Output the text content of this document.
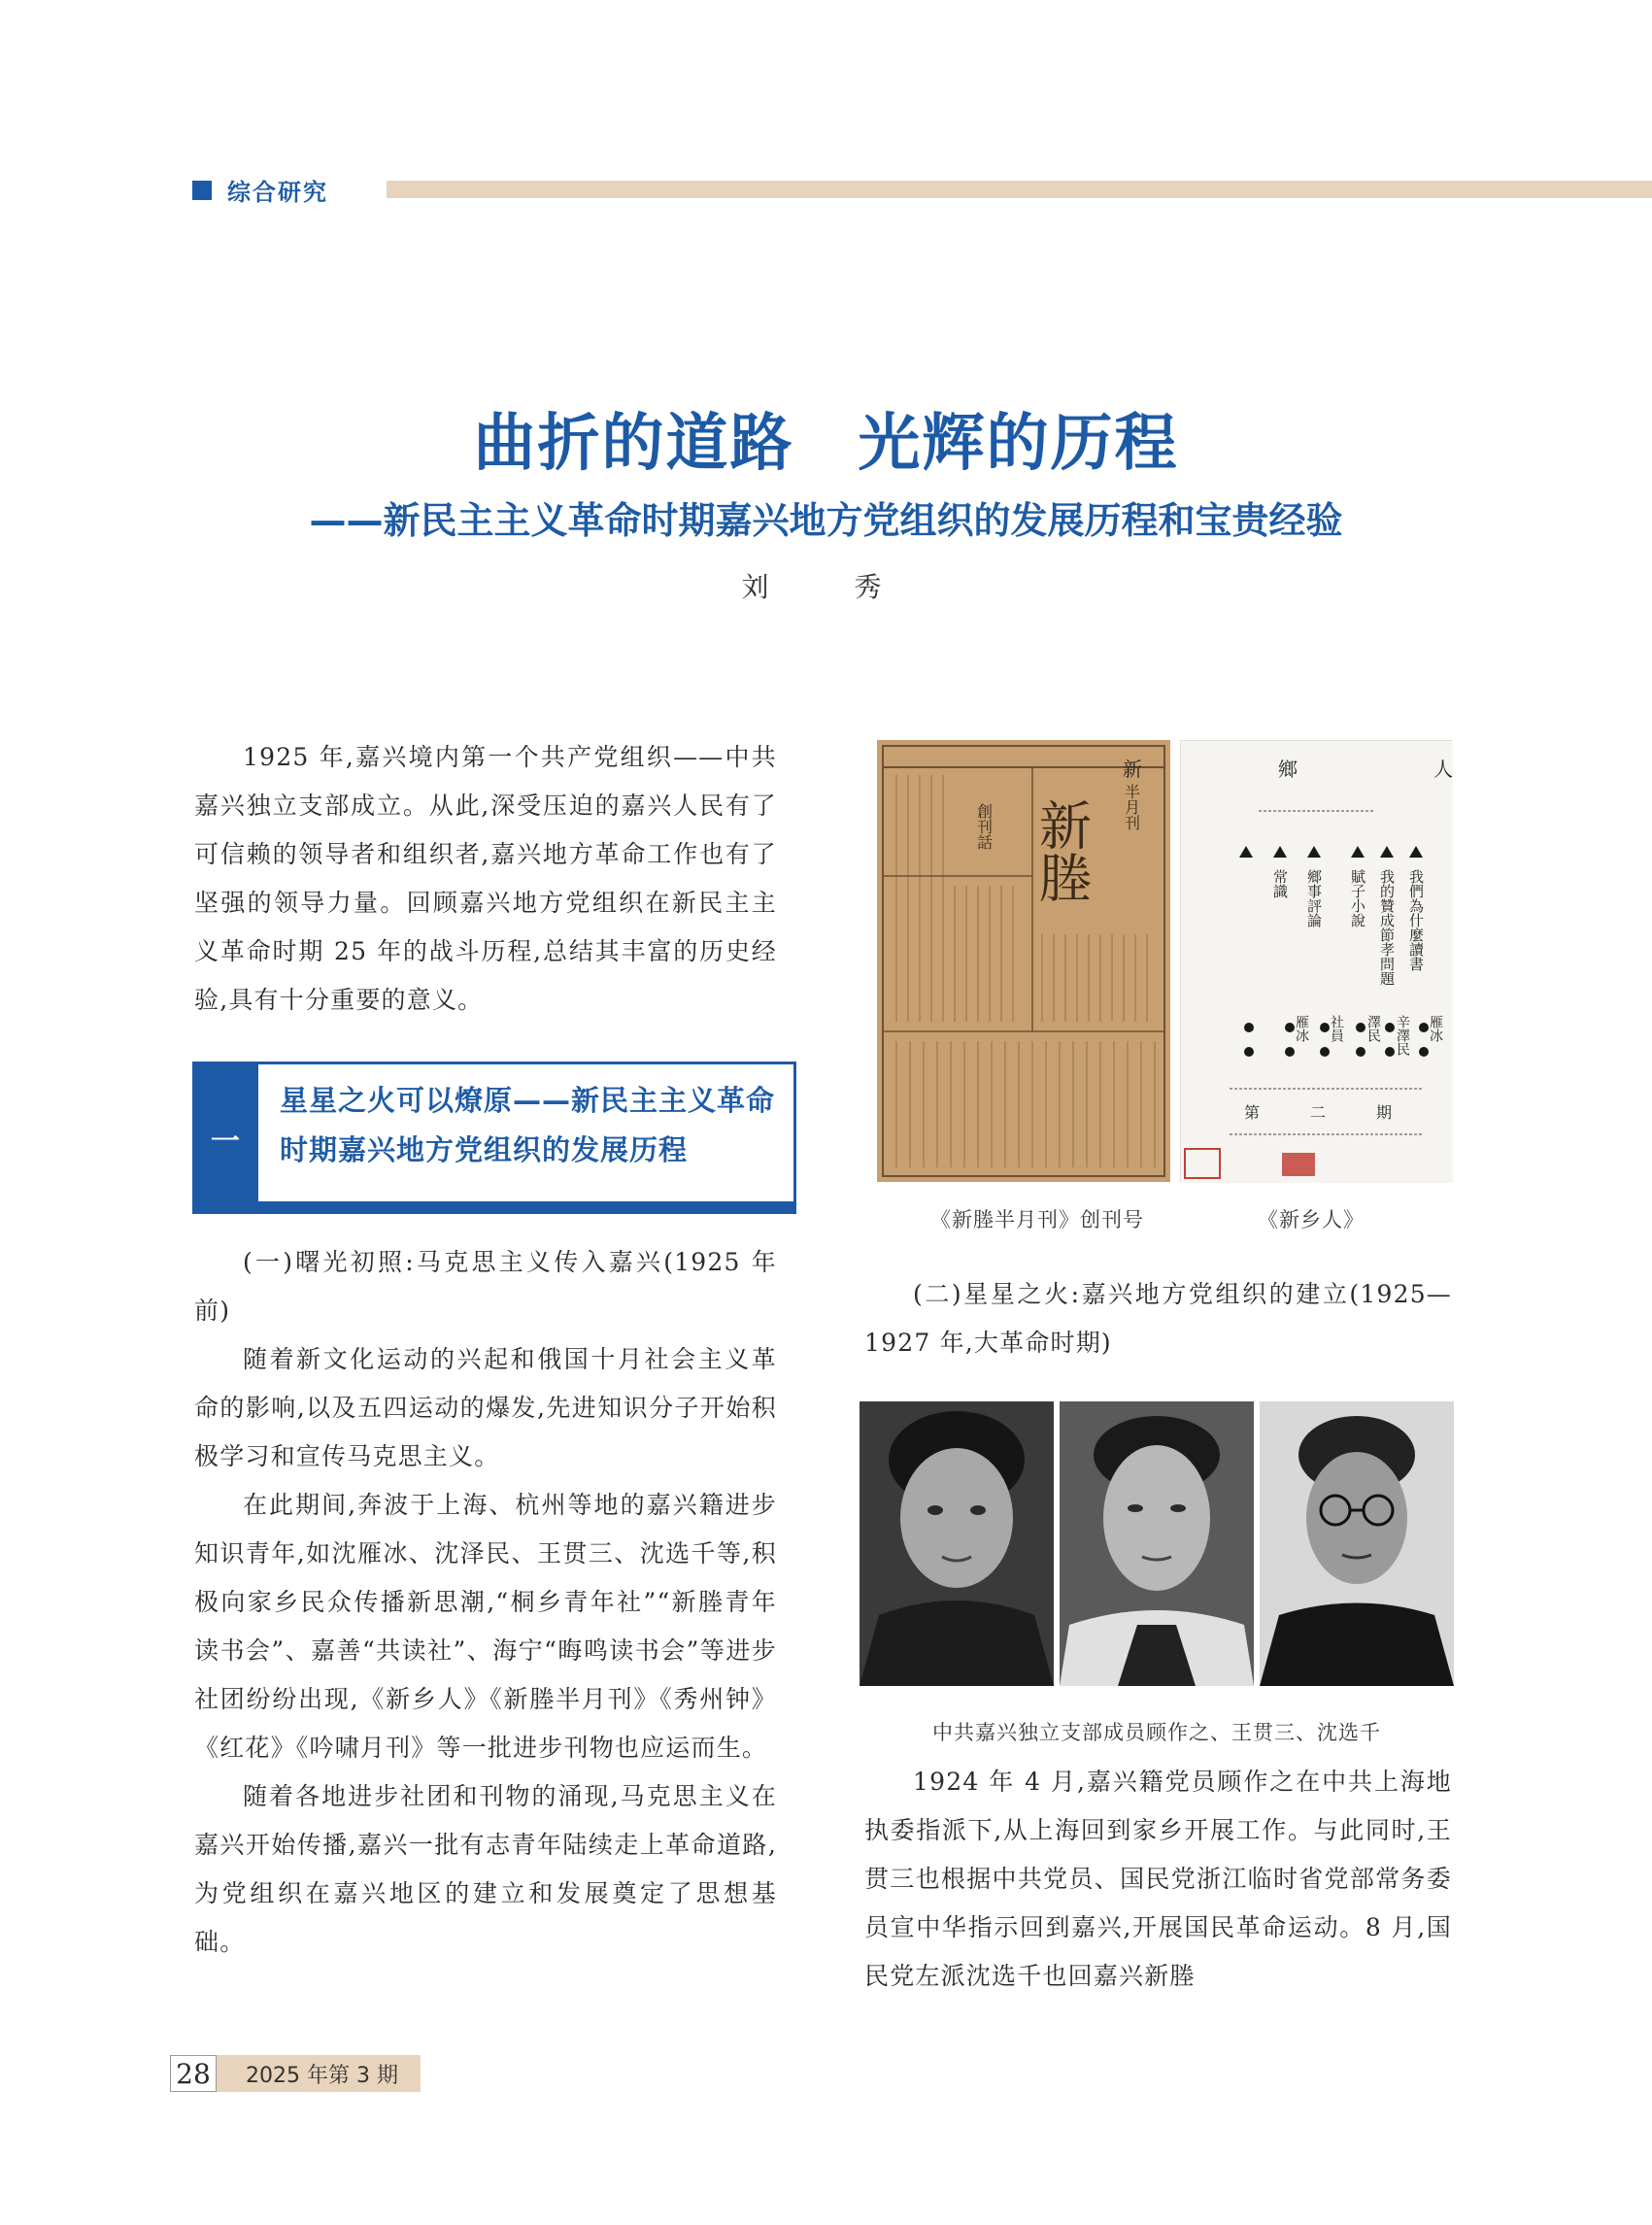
综合研究
曲折的道路　光辉的历程
——新民主主义革命时期嘉兴地方党组织的发展历程和宝贵经验
刘　秀

1925 年,嘉兴境内第一个共产党组织——中共嘉兴独立支部成立。从此,深受压迫的嘉兴人民有了可信赖的领导者和组织者,嘉兴地方革命工作也有了坚强的领导力量。回顾嘉兴地方党组织在新民主主义革命时期 25 年的战斗历程,总结其丰富的历史经验,具有十分重要的意义。

一
星星之火可以燎原——新民主主义革命时期嘉兴地方党组织的发展历程

(一)曙光初照:马克思主义传入嘉兴(1925 年前)

随着新文化运动的兴起和俄国十月社会主义革命的影响,以及五四运动的爆发,先进知识分子开始积极学习和宣传马克思主义。

在此期间,奔波于上海、杭州等地的嘉兴籍进步知识青年,如沈雁冰、沈泽民、王贯三、沈选千等,积极向家乡民众传播新思潮,“桐乡青年社”“新塍青年读书会”、嘉善“共读社”、海宁“晦鸣读书会”等进步社团纷纷出现,《新乡人》《新塍半月刊》《秀州钟》《红花》《吟啸月刊》等一批进步刊物也应运而生。

随着各地进步社团和刊物的涌现,马克思主义在嘉兴开始传播,嘉兴一批有志青年陆续走上革命道路,为党组织在嘉兴地区的建立和发展奠定了思想基础。

新塍 半月刊
創刊話
新　鄉　人
我們為什麼讀書
我的贊成節孝問題
賦子小說
鄉事評論
常識
雁冰
辛澤民
澤民
社員
雁冰
第　二　期
《新塍半月刊》创刊号	《新乡人》

(二)星星之火:嘉兴地方党组织的建立(1925—1927 年,大革命时期)

中共嘉兴独立支部成员顾作之、王贯三、沈选千

1924 年 4 月,嘉兴籍党员顾作之在中共上海地执委指派下,从上海回到家乡开展工作。与此同时,王贯三也根据中共党员、国民党浙江临时省党部常务委员宣中华指示回到嘉兴,开展国民革命运动。8 月,国民党左派沈选千也回嘉兴新塍

28	2025 年第 3 期
